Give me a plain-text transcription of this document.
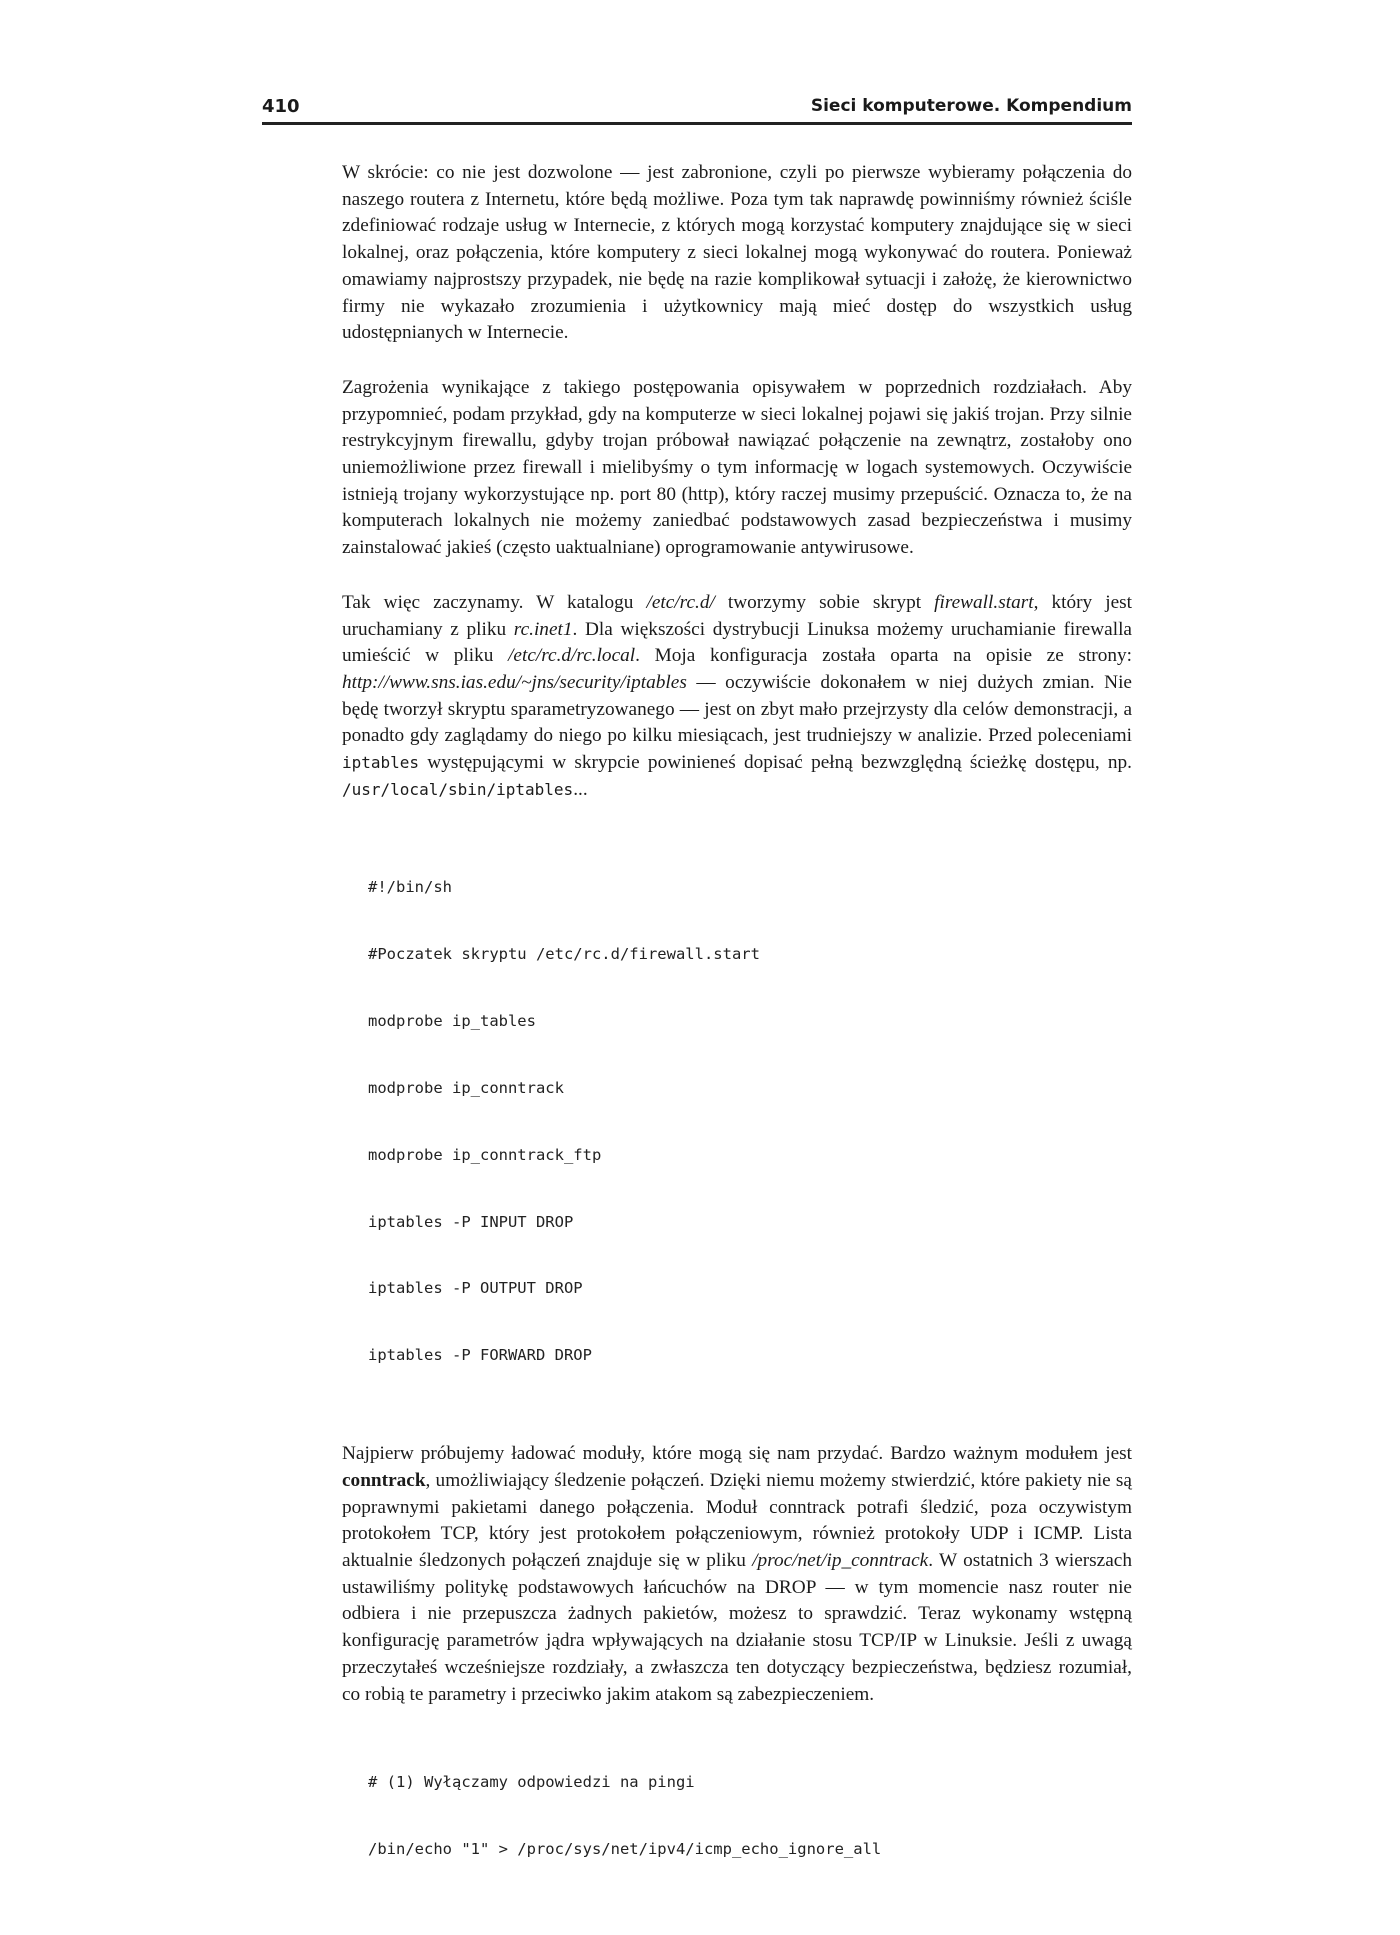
410	Sieci komputerowe. Kompendium

W skrócie: co nie jest dozwolone — jest zabronione, czyli po pierwsze wybieramy połączenia do naszego routera z Internetu, które będą możliwe. Poza tym tak naprawdę powinniśmy również ściśle zdefiniować rodzaje usług w Internecie, z których mogą korzystać komputery znajdujące się w sieci lokalnej, oraz połączenia, które komputery z sieci lokalnej mogą wykonywać do routera. Ponieważ omawiamy najprostszy przypadek, nie będę na razie komplikował sytuacji i założę, że kierownictwo firmy nie wykazało zrozumienia i użytkownicy mają mieć dostęp do wszystkich usług udostępnianych w Internecie.

Zagrożenia wynikające z takiego postępowania opisywałem w poprzednich rozdziałach. Aby przypomnieć, podam przykład, gdy na komputerze w sieci lokalnej pojawi się jakiś trojan. Przy silnie restrykcyjnym firewallu, gdyby trojan próbował nawiązać połączenie na zewnątrz, zostałoby ono uniemożliwione przez firewall i mielibyśmy o tym informację w logach systemowych. Oczywiście istnieją trojany wykorzystujące np. port 80 (http), który raczej musimy przepuścić. Oznacza to, że na komputerach lokalnych nie możemy zaniedbać podstawowych zasad bezpieczeństwa i musimy zainstalować jakieś (często uaktualniane) oprogramowanie antywirusowe.

Tak więc zaczynamy. W katalogu /etc/rc.d/ tworzymy sobie skrypt firewall.start, który jest uruchamiany z pliku rc.inet1. Dla większości dystrybucji Linuksa możemy uruchamianie firewalla umieścić w pliku /etc/rc.d/rc.local. Moja konfiguracja została oparta na opisie ze strony: http://www.sns.ias.edu/~jns/security/iptables — oczywiście dokonałem w niej dużych zmian. Nie będę tworzył skryptu sparametryzowanego — jest on zbyt mało przejrzysty dla celów demonstracji, a ponadto gdy zaglądamy do niego po kilku miesiącach, jest trudniejszy w analizie. Przed poleceniami iptables występującymi w skrypcie powinieneś dopisać pełną bezwzględną ścieżkę dostępu, np. /usr/local/sbin/iptables...

#!/bin/sh

#Poczatek skryptu /etc/rc.d/firewall.start

modprobe ip_tables

modprobe ip_conntrack

modprobe ip_conntrack_ftp

iptables -P INPUT DROP

iptables -P OUTPUT DROP

iptables -P FORWARD DROP

Najpierw próbujemy ładować moduły, które mogą się nam przydać. Bardzo ważnym modułem jest conntrack, umożliwiający śledzenie połączeń. Dzięki niemu możemy stwierdzić, które pakiety nie są poprawnymi pakietami danego połączenia. Moduł conntrack potrafi śledzić, poza oczywistym protokołem TCP, który jest protokołem połączeniowym, również protokoły UDP i ICMP. Lista aktualnie śledzonych połączeń znajduje się w pliku /proc/net/ip_conntrack. W ostatnich 3 wierszach ustawiliśmy politykę podstawowych łańcuchów na DROP — w tym momencie nasz router nie odbiera i nie przepuszcza żadnych pakietów, możesz to sprawdzić. Teraz wykonamy wstępną konfigurację parametrów jądra wpływających na działanie stosu TCP/IP w Linuksie. Jeśli z uwagą przeczytałeś wcześniejsze rozdziały, a zwłaszcza ten dotyczący bezpieczeństwa, będziesz rozumiał, co robią te parametry i przeciwko jakim atakom są zabezpieczeniem.

# (1) Wyłączamy odpowiedzi na pingi

/bin/echo "1" > /proc/sys/net/ipv4/icmp_echo_ignore_all
